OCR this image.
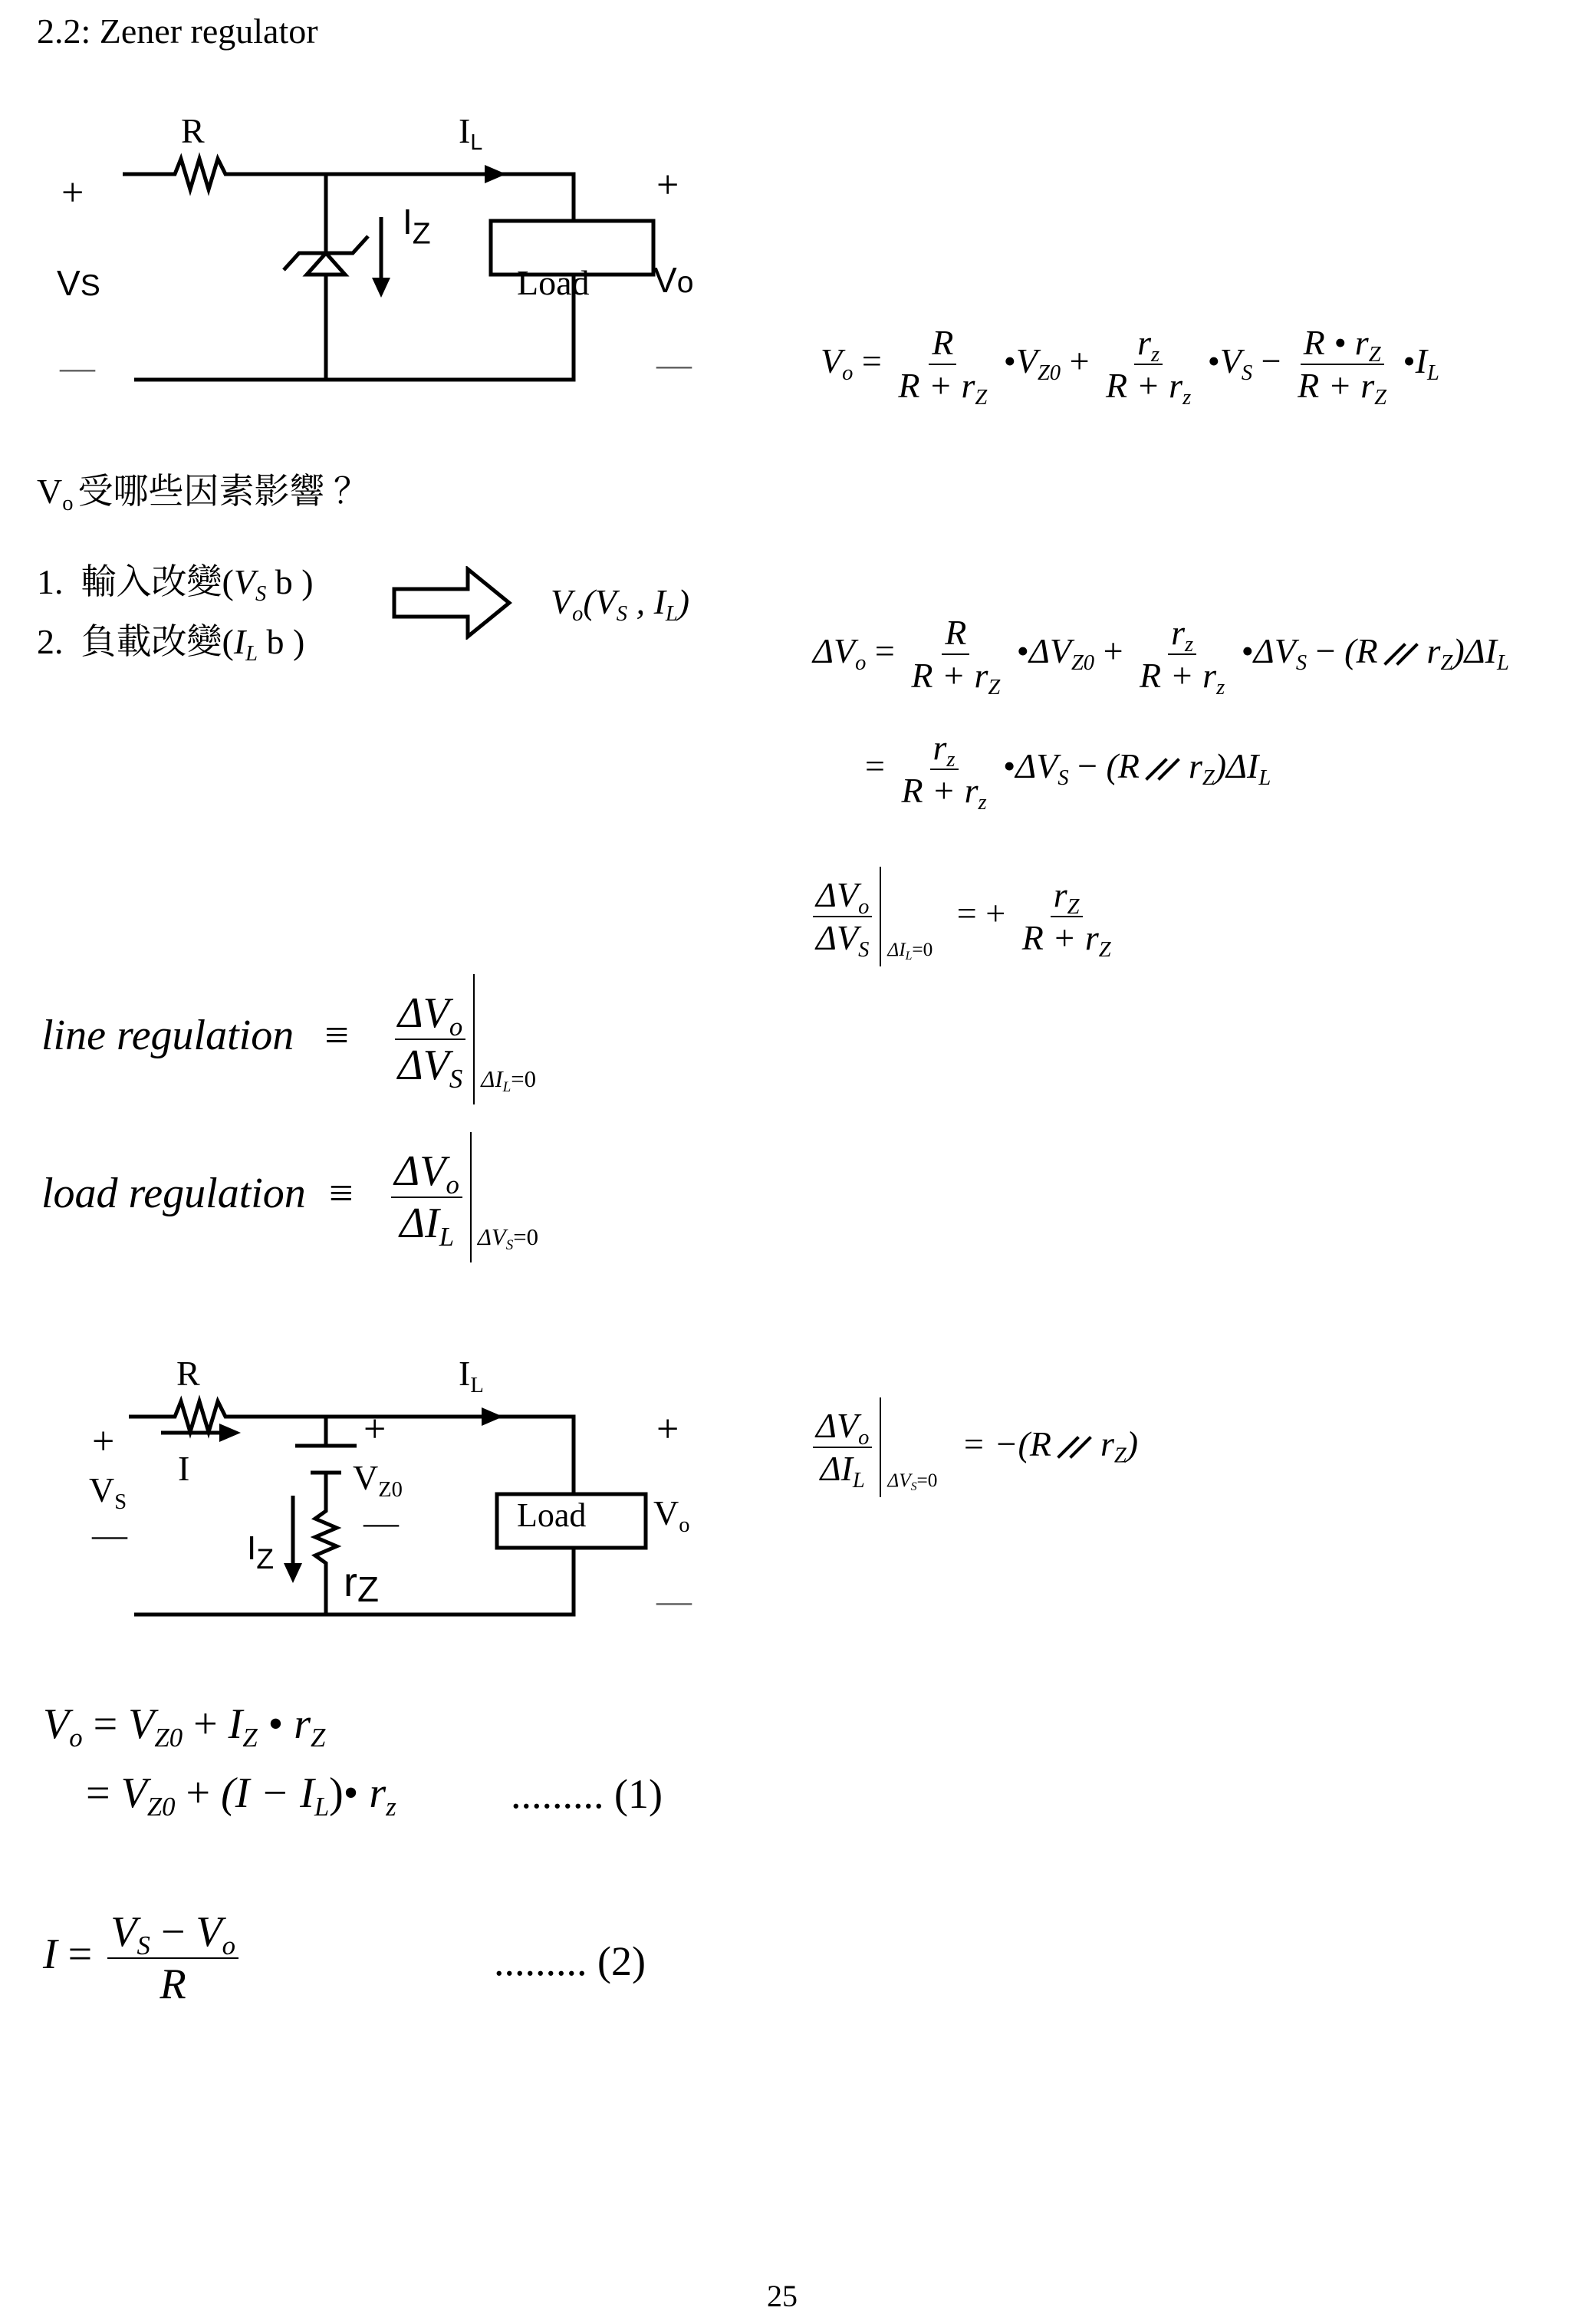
2.2: Zener regulator
·
R	$I_L$
$I_Z$
+	+
VS	Vo
Load
—	—	$V_o = \frac{R}{R + r_Z}$ $•V_{Z0} + \frac{r_z}{R + r_z}$ $•V_S - \frac{R • r_Z}{R + r_Z}$ $•I_L$
$V_o$ 受哪些因素影響 ？
1. 輸入改變($V_S$ b )
2. 負載改變($I_L$ b )
$V_o(V_S$ , $I_L$)
$\Delta V_o = \frac{R}{R + r_Z}$ $•\Delta V_{Z0} + \frac{r_z}{R + r_z}$ $•\Delta V_S - (R$ $r_Z)\Delta I_L$
= $\frac{r_z}{R + r_z}$ $•\Delta V_S - (R$ $r_Z)\Delta I_L$
$\frac{\Delta V_o}{\Delta V_S} \Delta I_L=0$ = + $\frac{r_Z}{R + r_Z}$
line regulation ≡ $\frac{\Delta V_o}{\Delta V_S} \Delta I_L=0$
load regulation ≡ $\frac{\Delta V_o}{\Delta I_L} \Delta V_S=0$
R	$I_L$
+	+	+
I	$V_{Z0}$
$V_S$
—	—	Load $V_o$
$I_Z$
rZ	—
$\frac{\Delta V_o}{\Delta I_L} \Delta V_S=0 = -(R$ $r_Z$)
$V_o = V_{Z0} + I_Z$ • $r_Z$
= $V_{Z0} + (I$ − $I_L)•$ $r_z$	......... (1)
$I = \frac{V_S - V_o}{R}$	......... (2)
25
